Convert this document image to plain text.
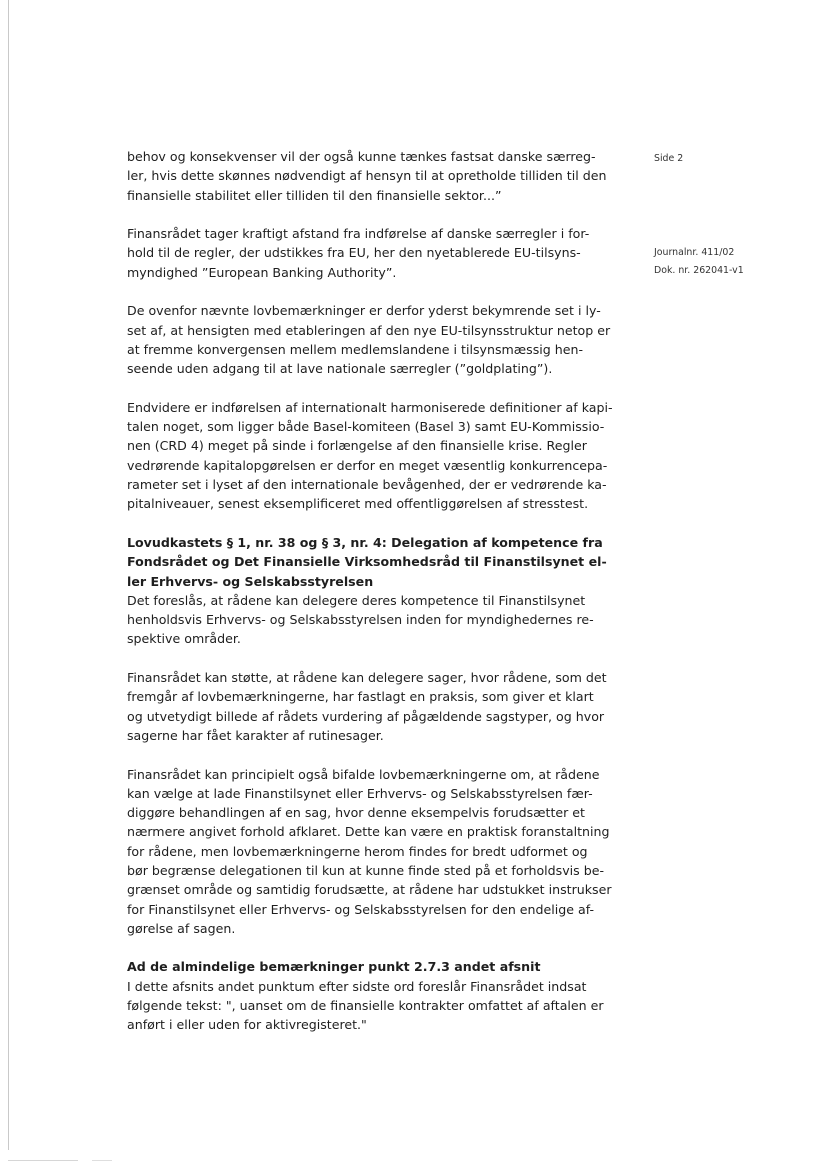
Side 2
Journalnr. 411/02
Dok. nr. 262041-v1
behov og konsekvenser vil der også kunne tænkes fastsat danske særreg-
ler, hvis dette skønnes nødvendigt af hensyn til at opretholde tilliden til den
finansielle stabilitet eller tilliden til den finansielle sektor...”
Finansrådet tager kraftigt afstand fra indførelse af danske særregler i for-
hold til de regler, der udstikkes fra EU, her den nyetablerede EU-tilsyns-
myndighed ”European Banking Authority”.
De ovenfor nævnte lovbemærkninger er derfor yderst bekymrende set i ly-
set af, at hensigten med etableringen af den nye EU-tilsynsstruktur netop er
at fremme konvergensen mellem medlemslandene i tilsynsmæssig hen-
seende uden adgang til at lave nationale særregler (”goldplating”).
Endvidere er indførelsen af internationalt harmoniserede definitioner af kapi-
talen noget, som ligger både Basel-komiteen (Basel 3) samt EU-Kommissio-
nen (CRD 4) meget på sinde i forlængelse af den finansielle krise. Regler
vedrørende kapitalopgørelsen er derfor en meget væsentlig konkurrencepa-
rameter set i lyset af den internationale bevågenhed, der er vedrørende ka-
pitalniveauer, senest eksemplificeret med offentliggørelsen af stresstest.
Lovudkastets § 1, nr. 38 og § 3, nr. 4: Delegation af kompetence fra
Fondsrådet og Det Finansielle Virksomhedsråd til Finanstilsynet el-
ler Erhvervs- og Selskabsstyrelsen
Det foreslås, at rådene kan delegere deres kompetence til Finanstilsynet
henholdsvis Erhvervs- og Selskabsstyrelsen inden for myndighedernes re-
spektive områder.
Finansrådet kan støtte, at rådene kan delegere sager, hvor rådene, som det
fremgår af lovbemærkningerne, har fastlagt en praksis, som giver et klart
og utvetydigt billede af rådets vurdering af pågældende sagstyper, og hvor
sagerne har fået karakter af rutinesager.
Finansrådet kan principielt også bifalde lovbemærkningerne om, at rådene
kan vælge at lade Finanstilsynet eller Erhvervs- og Selskabsstyrelsen fær-
diggøre behandlingen af en sag, hvor denne eksempelvis forudsætter et
nærmere angivet forhold afklaret. Dette kan være en praktisk foranstaltning
for rådene, men lovbemærkningerne herom findes for bredt udformet og
bør begrænse delegationen til kun at kunne finde sted på et forholdsvis be-
grænset område og samtidig forudsætte, at rådene har udstukket instrukser
for Finanstilsynet eller Erhvervs- og Selskabsstyrelsen for den endelige af-
gørelse af sagen.
Ad de almindelige bemærkninger punkt 2.7.3 andet afsnit
I dette afsnits andet punktum efter sidste ord foreslår Finansrådet indsat
følgende tekst: ", uanset om de finansielle kontrakter omfattet af aftalen er
anført i eller uden for aktivregisteret."
